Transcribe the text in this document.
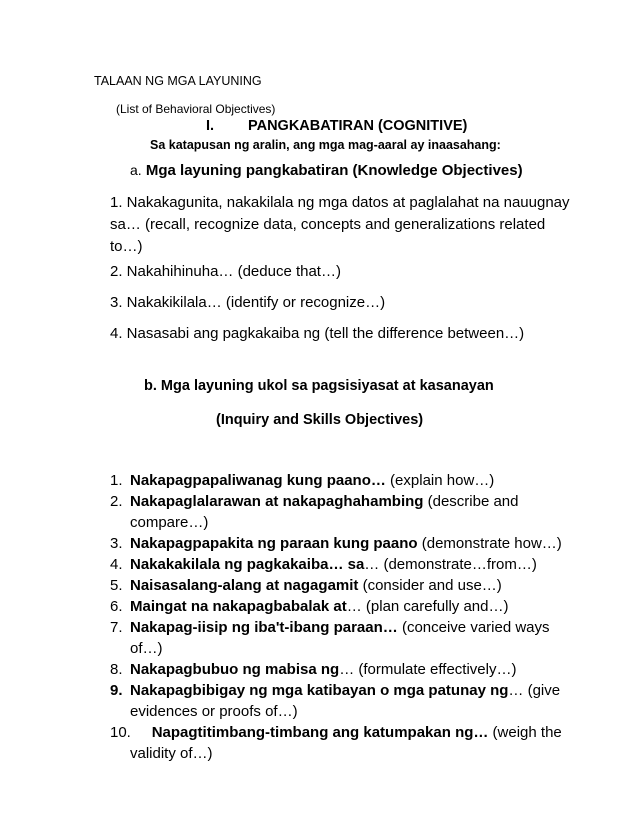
TALAAN NG MGA LAYUNING
(List of Behavioral Objectives)
I. PANGKABATIRAN (COGNITIVE)
Sa katapusan ng aralin, ang mga mag-aaral ay inaasahang:
a. Mga layuning pangkabatiran (Knowledge Objectives)
1. Nakakagunita, nakakilala ng mga datos at paglalahat na nauugnay
sa… (recall, recognize data, concepts and generalizations related
to…)
2. Nakahihinuha… (deduce that…)
3. Nakakikilala… (identify or recognize…)
4. Nasasabi ang pagkakaiba ng (tell the difference between…)
b. Mga layuning ukol sa pagsisiyasat at kasanayan
(Inquiry and Skills Objectives)
1. Nakapagpapaliwanag kung paano… (explain how…)
2. Nakapaglalarawan at nakapaghahambing (describe and
compare…)
3. Nakapagpapakita ng paraan kung paano (demonstrate how…)
4. Nakakakilala ng pagkakaiba… sa… (demonstrate…from…)
5. Naisasalang-alang at nagagamit (consider and use…)
6. Maingat na nakapagbabalak at… (plan carefully and…)
7. Nakapag-iisip ng iba't-ibang paraan… (conceive varied ways
of…)
8. Nakapagbubuo ng mabisa ng… (formulate effectively…)
9. Nakapagbibigay ng mga katibayan o mga patunay ng… (give
evidences or proofs of…)
10. Napagtitimbang-timbang ang katumpakan ng… (weigh the
validity of…)
